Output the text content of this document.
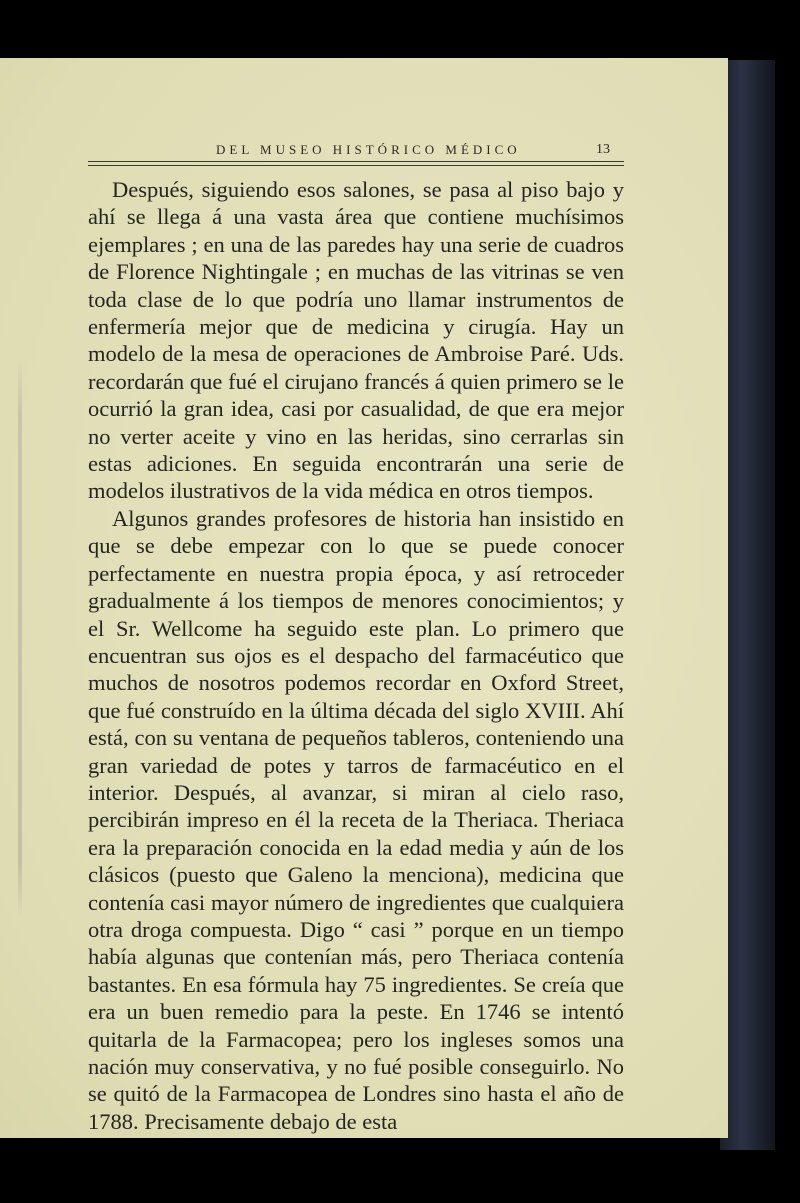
DEL MUSEO HISTÓRICO MÉDICO	13

Después, siguiendo esos salones, se pasa al piso bajo y ahí se llega á una vasta área que contiene muchísimos ejemplares ; en una de las paredes hay una serie de cuadros de Florence Nightingale ; en muchas de las vitrinas se ven toda clase de lo que podría uno llamar instrumentos de enfermería mejor que de medicina y cirugía. Hay un modelo de la mesa de operaciones de Ambroise Paré. Uds. recordarán que fué el cirujano francés á quien primero se le ocurrió la gran idea, casi por casualidad, de que era mejor no verter aceite y vino en las heridas, sino cerrarlas sin estas adiciones. En seguida encontrarán una serie de modelos ilustrativos de la vida médica en otros tiempos.

Algunos grandes profesores de historia han insistido en que se debe empezar con lo que se puede conocer perfectamente en nuestra propia época, y así retroceder gradualmente á los tiempos de menores conocimientos; y el Sr. Wellcome ha seguido este plan. Lo primero que encuentran sus ojos es el despacho del farmacéutico que muchos de nosotros podemos recordar en Oxford Street, que fué construído en la última década del siglo XVIII. Ahí está, con su ventana de pequeños tableros, conteniendo una gran variedad de potes y tarros de farmacéutico en el interior. Después, al avanzar, si miran al cielo raso, percibirán impreso en él la receta de la Theriaca. Theriaca era la preparación conocida en la edad media y aún de los clásicos (puesto que Galeno la menciona), medicina que contenía casi mayor número de ingredientes que cualquiera otra droga compuesta. Digo “ casi ” porque en un tiempo había algunas que contenían más, pero Theriaca contenía bastantes. En esa fórmula hay 75 ingredientes. Se creía que era un buen remedio para la peste. En 1746 se intentó quitarla de la Farmacopea; pero los ingleses somos una nación muy conservativa, y no fué posible conseguirlo. No se quitó de la Farmacopea de Londres sino hasta el año de 1788. Precisamente debajo de esta
